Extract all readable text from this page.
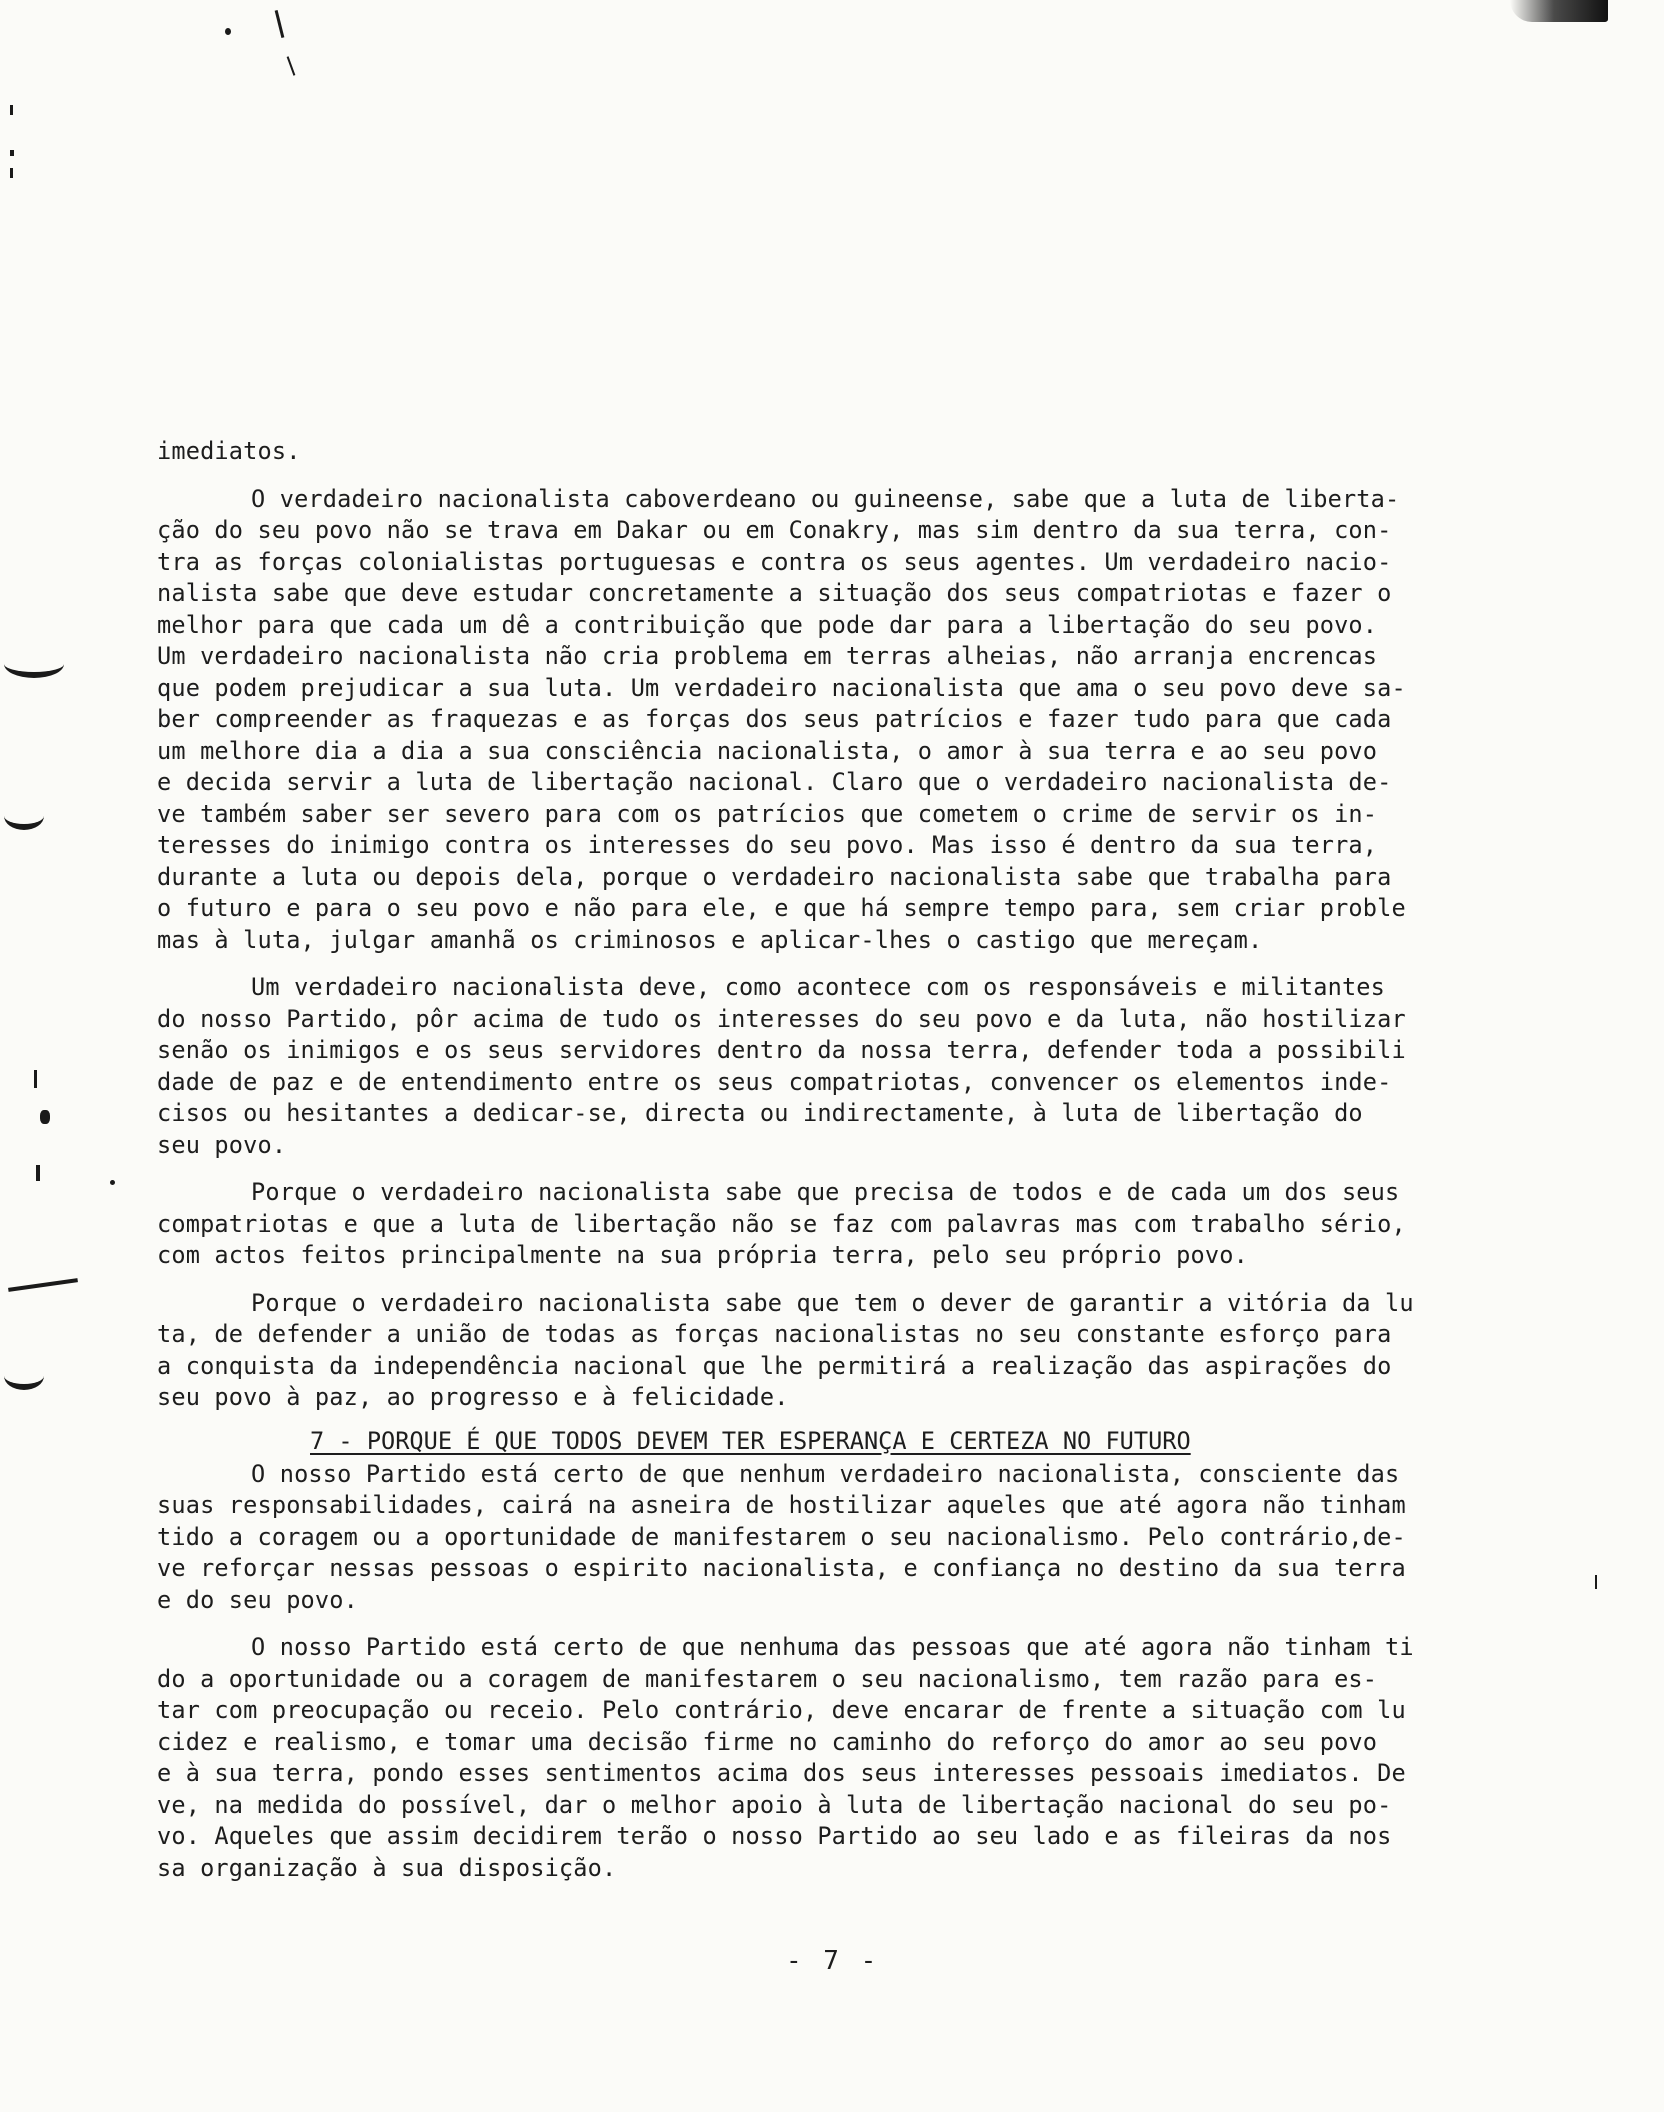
imediatos.
O verdadeiro nacionalista caboverdeano ou guineense, sabe que a luta de liberta-
ção do seu povo não se trava em Dakar ou em Conakry, mas sim dentro da sua terra, con-
tra as forças colonialistas portuguesas e contra os seus agentes. Um verdadeiro nacio-
nalista sabe que deve estudar concretamente a situação dos seus compatriotas e fazer o
melhor para que cada um dê a contribuição que pode dar para a libertação do seu povo.
Um verdadeiro nacionalista não cria problema em terras alheias, não arranja encrencas
que podem prejudicar a sua luta. Um verdadeiro nacionalista que ama o seu povo deve sa-
ber compreender as fraquezas e as forças dos seus patrícios e fazer tudo para que cada
um melhore dia a dia a sua consciência nacionalista, o amor à sua terra e ao seu povo
e decida servir a luta de libertação nacional. Claro que o verdadeiro nacionalista de-
ve também saber ser severo para com os patrícios que cometem o crime de servir os in-
teresses do inimigo contra os interesses do seu povo. Mas isso é dentro da sua terra,
durante a luta ou depois dela, porque o verdadeiro nacionalista sabe que trabalha para
o futuro e para o seu povo e não para ele, e que há sempre tempo para, sem criar proble
mas à luta, julgar amanhã os criminosos e aplicar-lhes o castigo que mereçam.
Um verdadeiro nacionalista deve, como acontece com os responsáveis e militantes
do nosso Partido, pôr acima de tudo os interesses do seu povo e da luta, não hostilizar
senão os inimigos e os seus servidores dentro da nossa terra, defender toda a possibili
dade de paz e de entendimento entre os seus compatriotas, convencer os elementos inde-
cisos ou hesitantes a dedicar-se, directa ou indirectamente, à luta de libertação do
seu povo.
Porque o verdadeiro nacionalista sabe que precisa de todos e de cada um dos seus
compatriotas e que a luta de libertação não se faz com palavras mas com trabalho sério,
com actos feitos principalmente na sua própria terra, pelo seu próprio povo.
Porque o verdadeiro nacionalista sabe que tem o dever de garantir a vitória da lu
ta, de defender a união de todas as forças nacionalistas no seu constante esforço para
a conquista da independência nacional que lhe permitirá a realização das aspirações do
seu povo à paz, ao progresso e à felicidade.
7 - PORQUE É QUE TODOS DEVEM TER ESPERANÇA E CERTEZA NO FUTURO
O nosso Partido está certo de que nenhum verdadeiro nacionalista, consciente das
suas responsabilidades, cairá na asneira de hostilizar aqueles que até agora não tinham
tido a coragem ou a oportunidade de manifestarem o seu nacionalismo. Pelo contrário,de-
ve reforçar nessas pessoas o espirito nacionalista, e confiança no destino da sua terra
e do seu povo.
O nosso Partido está certo de que nenhuma das pessoas que até agora não tinham ti
do a oportunidade ou a coragem de manifestarem o seu nacionalismo, tem razão para es-
tar com preocupação ou receio. Pelo contrário, deve encarar de frente a situação com lu
cidez e realismo, e tomar uma decisão firme no caminho do reforço do amor ao seu povo
e à sua terra, pondo esses sentimentos acima dos seus interesses pessoais imediatos. De
ve, na medida do possível, dar o melhor apoio à luta de libertação nacional do seu po-
vo. Aqueles que assim decidirem terão o nosso Partido ao seu lado e as fileiras da nos
sa organização à sua disposição.
- 7 -
